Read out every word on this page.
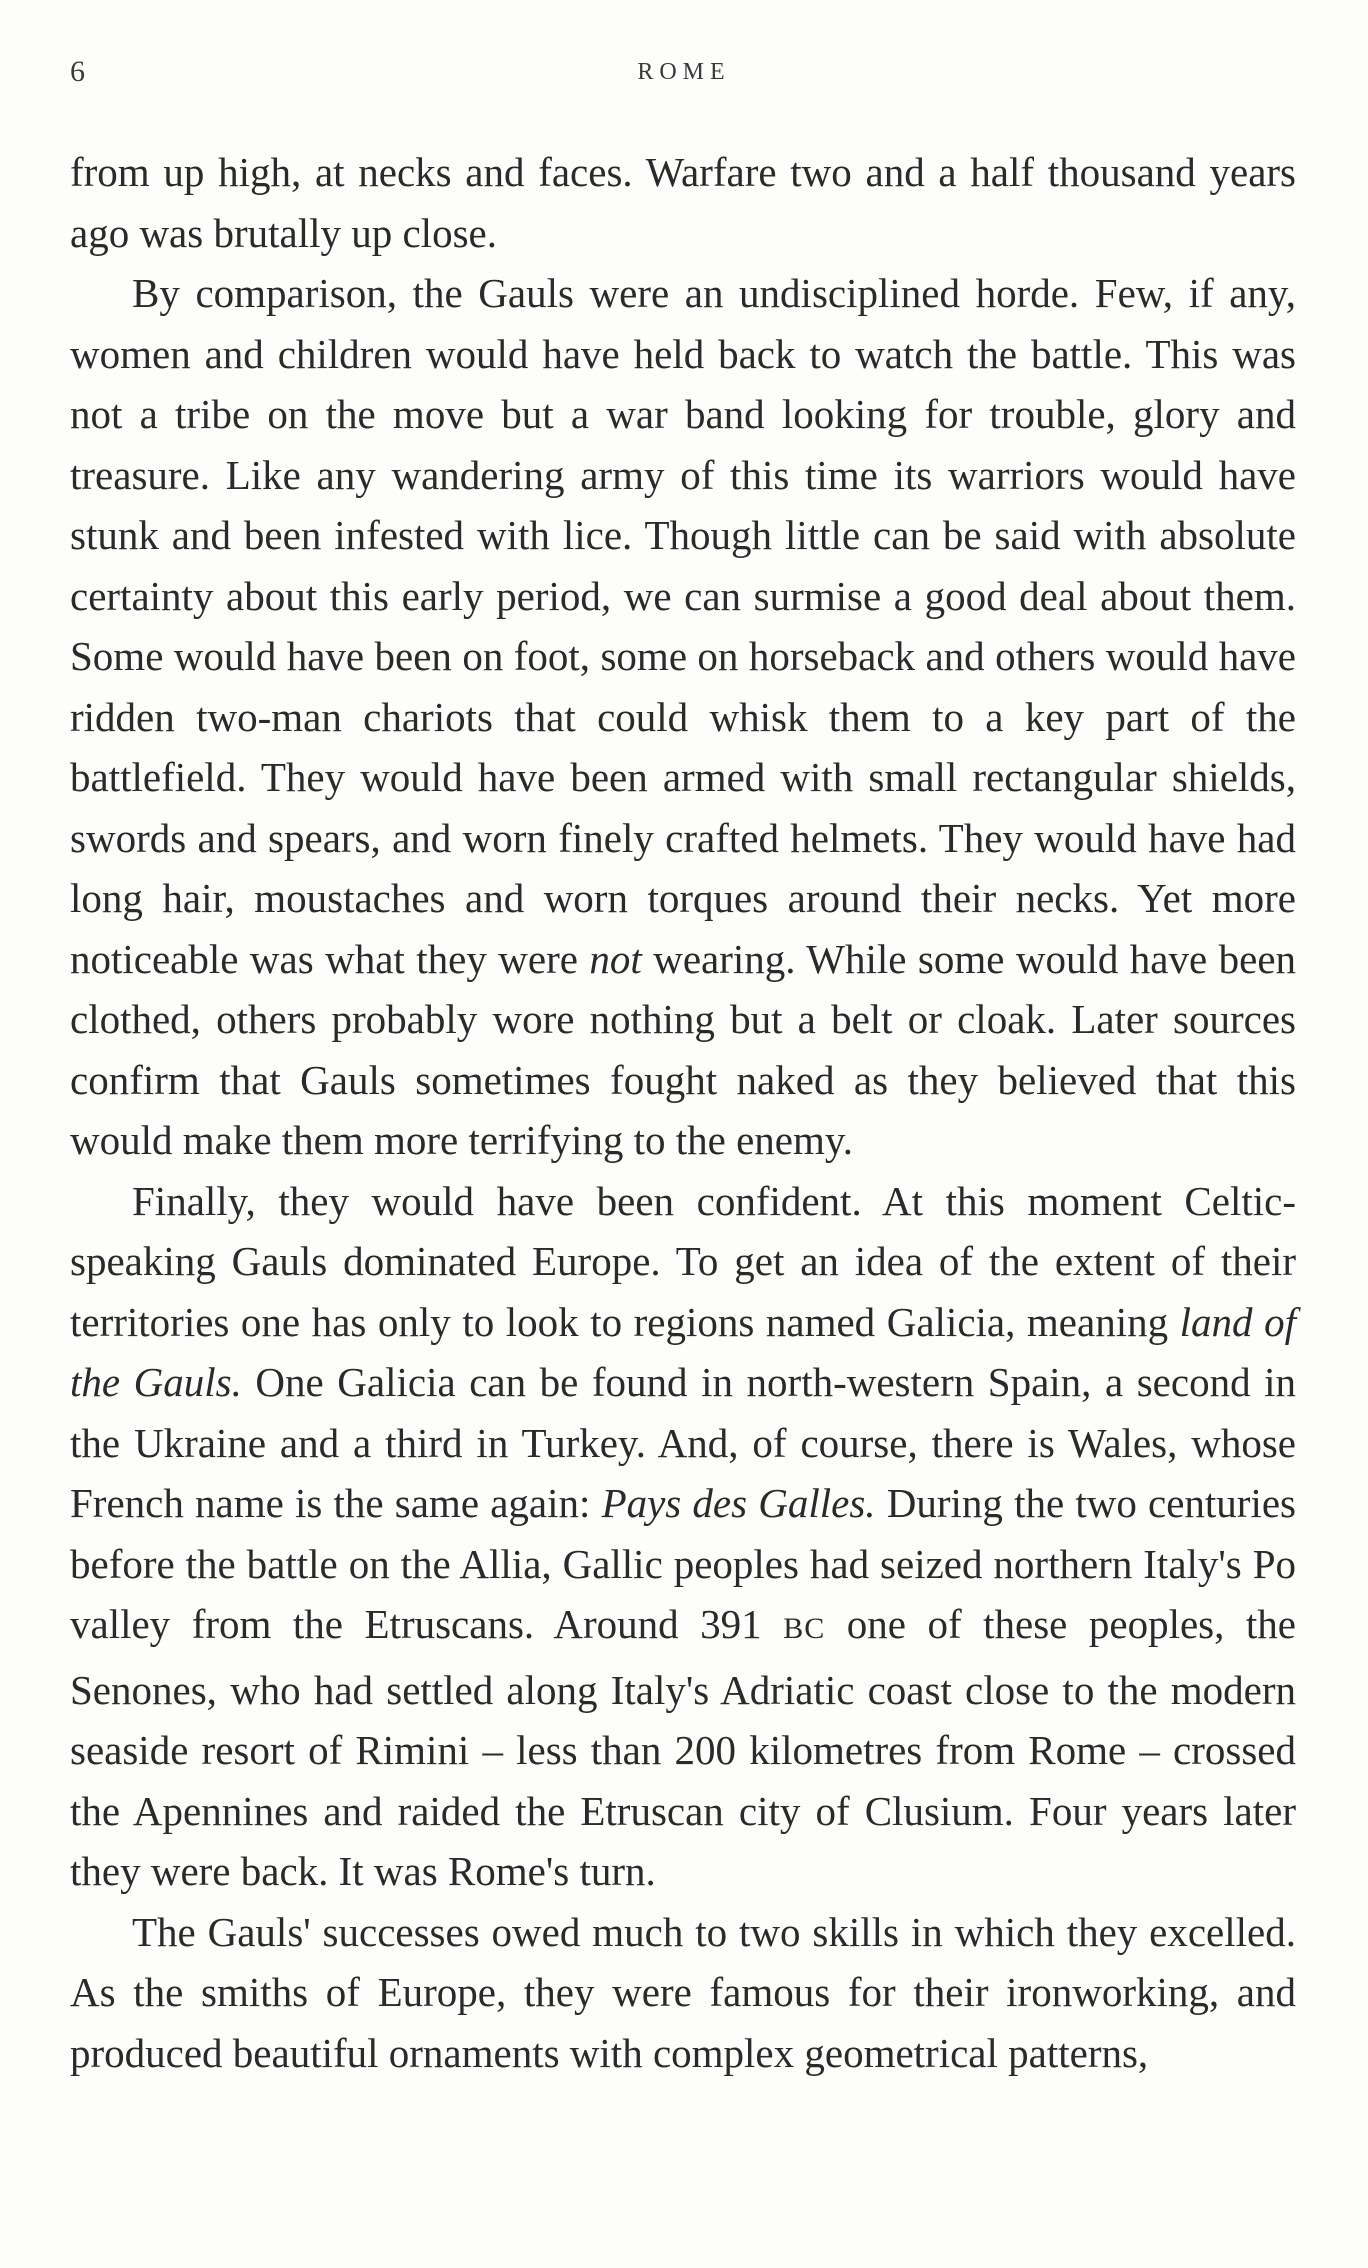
6	ROME

from up high, at necks and faces. Warfare two and a half thousand years ago was brutally up close.

By comparison, the Gauls were an undisciplined horde. Few, if any, women and children would have held back to watch the battle. This was not a tribe on the move but a war band looking for trouble, glory and treasure. Like any wandering army of this time its warriors would have stunk and been infested with lice. Though little can be said with absolute certainty about this early period, we can surmise a good deal about them. Some would have been on foot, some on horseback and others would have ridden two-man chariots that could whisk them to a key part of the battlefield. They would have been armed with small rectangular shields, swords and spears, and worn finely crafted helmets. They would have had long hair, moustaches and worn torques around their necks. Yet more noticeable was what they were not wearing. While some would have been clothed, others probably wore nothing but a belt or cloak. Later sources confirm that Gauls sometimes fought naked as they believed that this would make them more terrifying to the enemy.

Finally, they would have been confident. At this moment Celtic-speaking Gauls dominated Europe. To get an idea of the extent of their territories one has only to look to regions named Galicia, meaning land of the Gauls. One Galicia can be found in north-western Spain, a second in the Ukraine and a third in Turkey. And, of course, there is Wales, whose French name is the same again: Pays des Galles. During the two centuries before the battle on the Allia, Gallic peoples had seized northern Italy's Po valley from the Etruscans. Around 391 BC one of these peoples, the Senones, who had settled along Italy's Adriatic coast close to the modern seaside resort of Rimini – less than 200 kilometres from Rome – crossed the Apennines and raided the Etruscan city of Clusium. Four years later they were back. It was Rome's turn.

The Gauls' successes owed much to two skills in which they excelled. As the smiths of Europe, they were famous for their ironworking, and produced beautiful ornaments with complex geometrical patterns,
